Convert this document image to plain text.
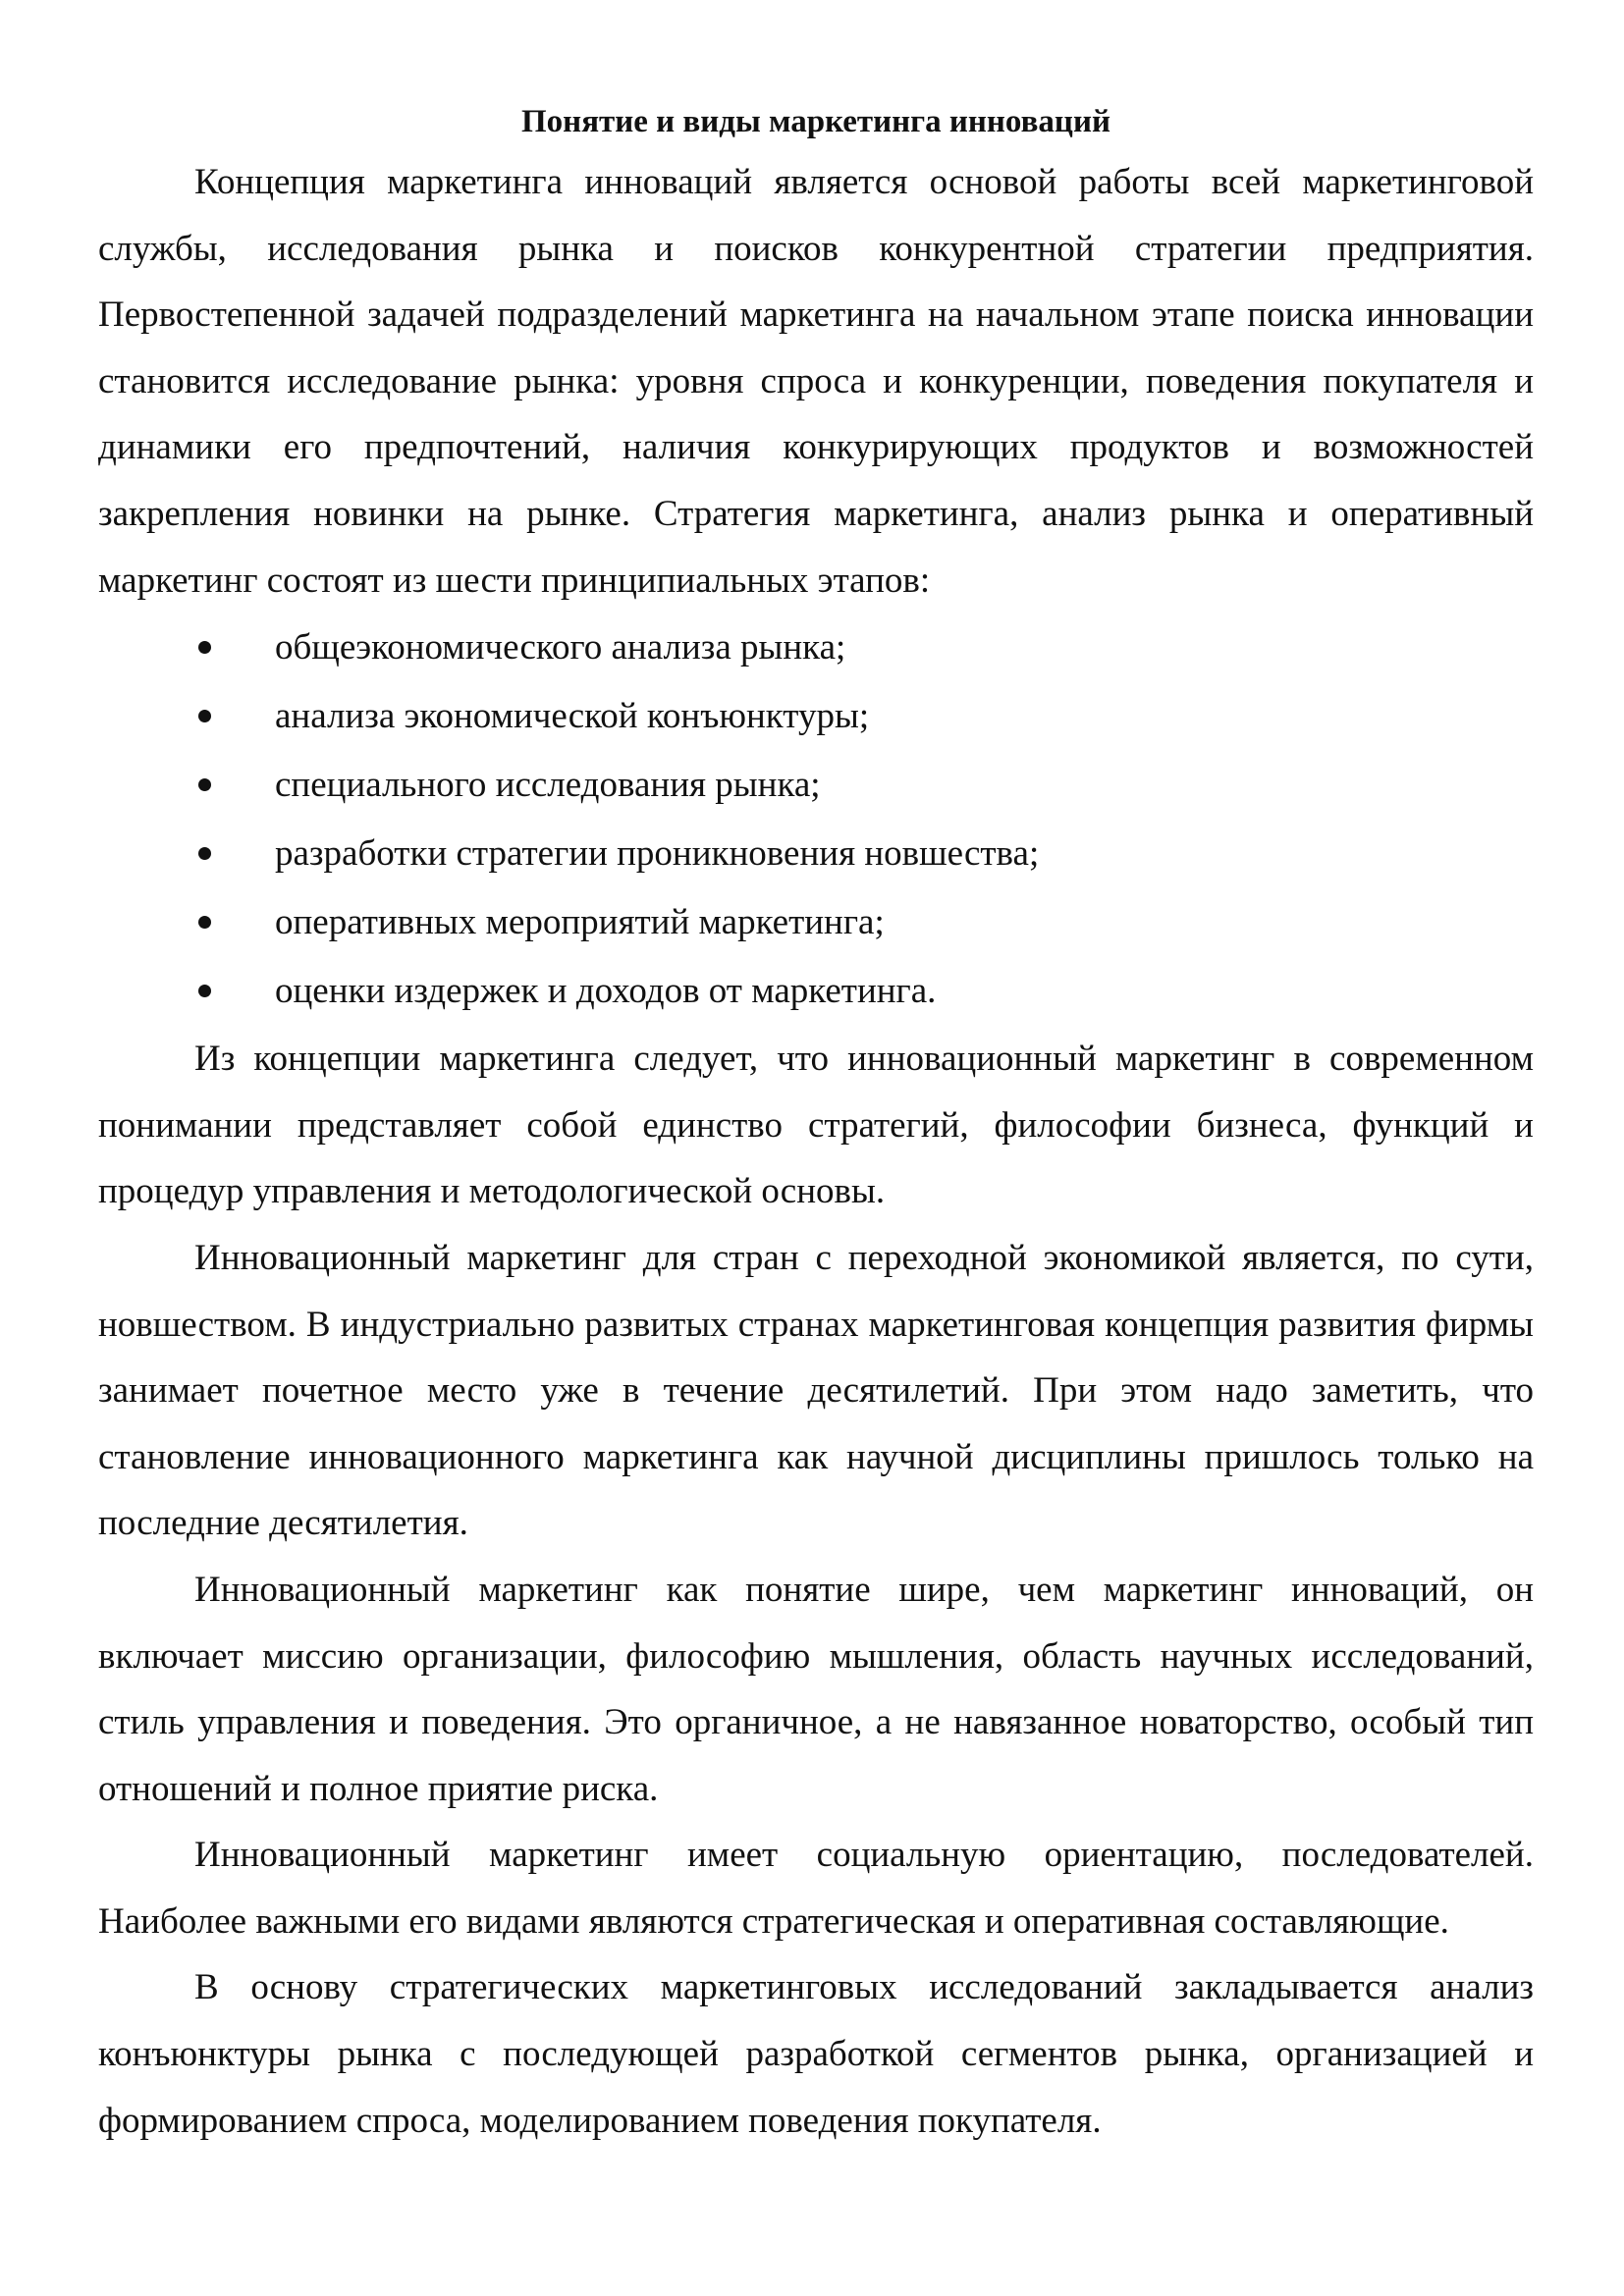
Понятие и виды маркетинга инноваций

Концепция маркетинга инноваций является основой работы всей маркетинговой службы, исследования рынка и поисков конкурентной стратегии предприятия. Первостепенной задачей подразделений маркетинга на начальном этапе поиска инновации становится исследование рынка: уровня спроса и конкуренции, поведения покупателя и динамики его предпочтений, наличия конкурирующих продуктов и возможностей закрепления новинки на рынке. Стратегия маркетинга, анализ рынка и оперативный маркетинг состоят из шести принципиальных этапов:

общеэкономического анализа рынка;
анализа экономической конъюнктуры;
специального исследования рынка;
разработки стратегии проникновения новшества;
оперативных мероприятий маркетинга;
оценки издержек и доходов от маркетинга.

Из концепции маркетинга следует, что инновационный маркетинг в современном понимании представляет собой единство стратегий, философии бизнеса, функций и процедур управления и методологической основы.

Инновационный маркетинг для стран с переходной экономикой является, по сути, новшеством. В индустриально развитых странах маркетинговая концепция развития фирмы занимает почетное место уже в течение десятилетий. При этом надо заметить, что становление инновационного маркетинга как научной дисциплины пришлось только на последние десятилетия.

Инновационный маркетинг как понятие шире, чем маркетинг инноваций, он включает миссию организации, философию мышления, область научных исследований, стиль управления и поведения. Это органичное, а не навязанное новаторство, особый тип отношений и полное приятие риска.

Инновационный маркетинг имеет социальную ориентацию, последователей. Наиболее важными его видами являются стратегическая и оперативная составляющие.

В основу стратегических маркетинговых исследований закладывается анализ конъюнктуры рынка с последующей разработкой сегментов рынка, организацией и формированием спроса, моделированием поведения покупателя.
